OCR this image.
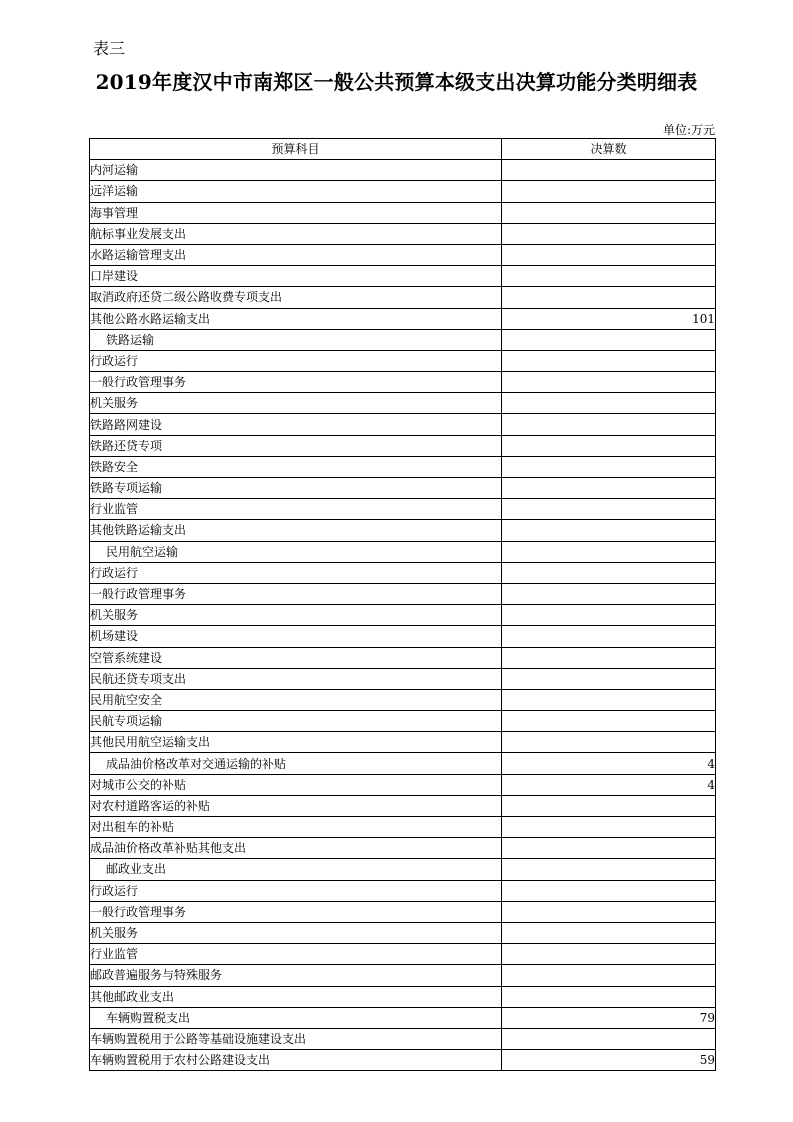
表三
2019年度汉中市南郑区一般公共预算本级支出决算功能分类明细表
单位:万元
预算科目	决算数
内河运输	
远洋运输	
海事管理	
航标事业发展支出	
水路运输管理支出	
口岸建设	
取消政府还贷二级公路收费专项支出	
其他公路水路运输支出	101
铁路运输	
行政运行	
一般行政管理事务	
机关服务	
铁路路网建设	
铁路还贷专项	
铁路安全	
铁路专项运输	
行业监管	
其他铁路运输支出	
民用航空运输	
行政运行	
一般行政管理事务	
机关服务	
机场建设	
空管系统建设	
民航还贷专项支出	
民用航空安全	
民航专项运输	
其他民用航空运输支出	
成品油价格改革对交通运输的补贴	4
对城市公交的补贴	4
对农村道路客运的补贴	
对出租车的补贴	
成品油价格改革补贴其他支出	
邮政业支出	
行政运行	
一般行政管理事务	
机关服务	
行业监管	
邮政普遍服务与特殊服务	
其他邮政业支出	
车辆购置税支出	79
车辆购置税用于公路等基础设施建设支出	
车辆购置税用于农村公路建设支出	59
